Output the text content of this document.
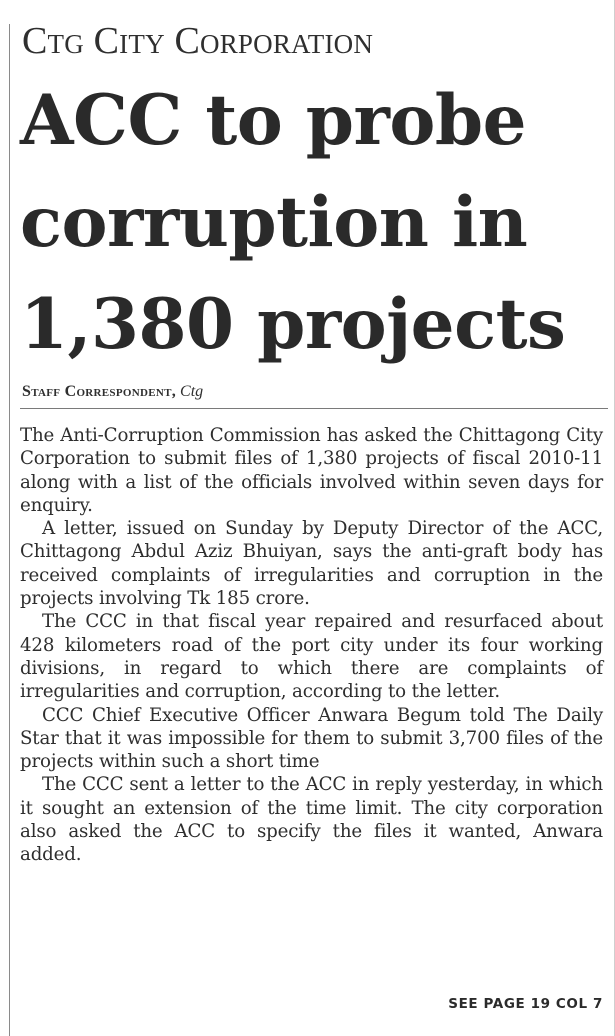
Ctg City Corporation
ACC to probe
corruption in
1,380 projects
Staff Correspondent, Ctg

The Anti-Corruption Commission has asked the Chittagong City Corporation to submit files of 1,380 projects of fiscal 2010-11 along with a list of the officials involved within seven days for enquiry.

A letter, issued on Sunday by Deputy Director of the ACC, Chittagong Abdul Aziz Bhuiyan, says the anti-graft body has received complaints of irregularities and corruption in the projects involving Tk 185 crore.

The CCC in that fiscal year repaired and resurfaced about 428 kilometers road of the port city under its four working divisions, in regard to which there are complaints of irregularities and corruption, according to the letter.

CCC Chief Executive Officer Anwara Begum told The Daily Star that it was impossible for them to submit 3,700 files of the projects within such a short time

The CCC sent a letter to the ACC in reply yesterday, in which it sought an extension of the time limit. The city corporation also asked the ACC to specify the files it wanted, Anwara added.

SEE PAGE 19 COL 7
